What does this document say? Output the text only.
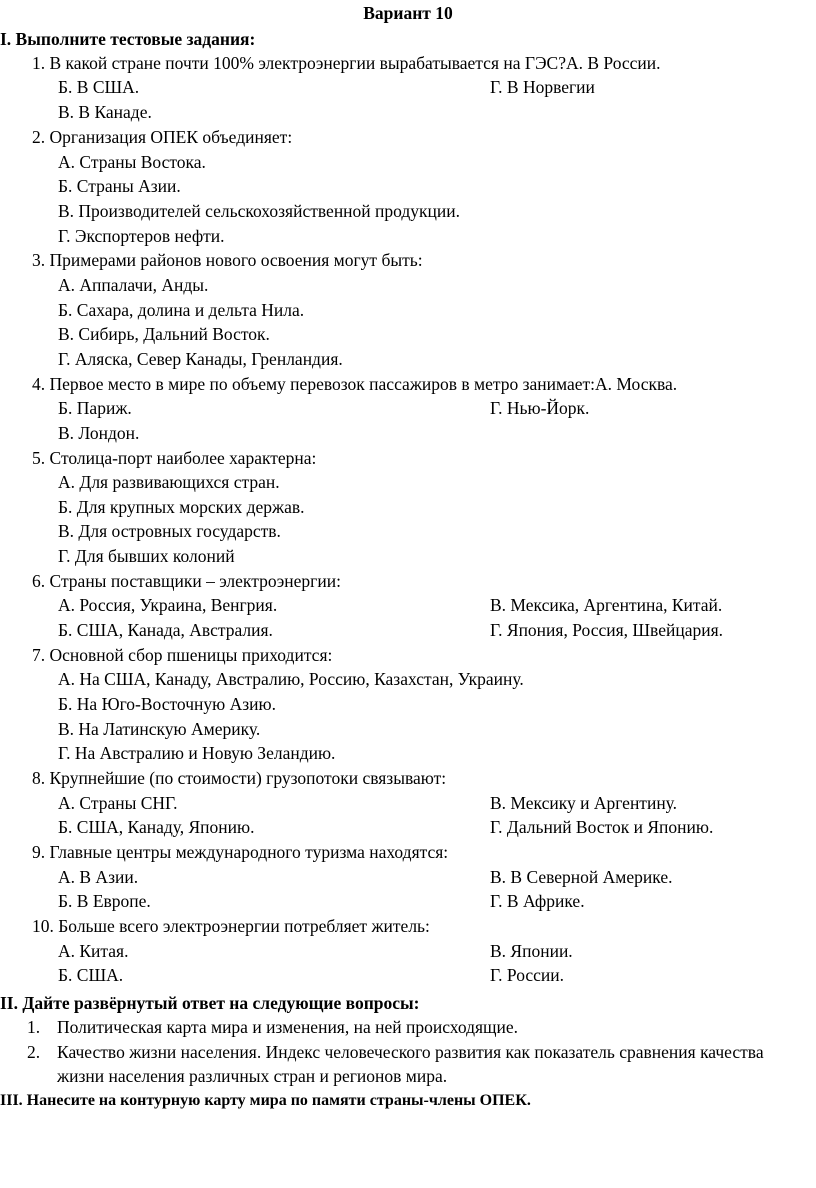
Вариант 10
I. Выполните тестовые задания:
1. В какой стране почти 100% электроэнергии вырабатывается на ГЭС?А. В России.
Б. В США.	Г. В Норвегии
В. В Канаде.
2. Организация ОПЕК объединяет:
А. Страны Востока.
Б. Страны Азии.
В. Производителей сельскохозяйственной продукции.
Г. Экспортеров нефти.
3. Примерами районов нового освоения могут быть:
А. Аппалачи, Анды.
Б. Сахара, долина и дельта Нила.
В. Сибирь, Дальний Восток.
Г. Аляска, Север Канады, Гренландия.
4. Первое место в мире по объему перевозок пассажиров в метро занимает:А. Москва.
Б. Париж.	Г. Нью-Йорк.
В. Лондон.
5. Столица-порт наиболее характерна:
А. Для развивающихся стран.
Б. Для крупных морских держав.
В. Для островных государств.
Г. Для бывших колоний
6. Страны поставщики – электроэнергии:
А. Россия, Украина, Венгрия.	В. Мексика, Аргентина, Китай.
Б. США, Канада, Австралия.	Г. Япония, Россия, Швейцария.
7. Основной сбор пшеницы приходится:
А. На США, Канаду, Австралию, Россию, Казахстан, Украину.
Б. На Юго-Восточную Азию.
В. На Латинскую Америку.
Г. На Австралию и Новую Зеландию.
8. Крупнейшие (по стоимости) грузопотоки связывают:
А. Страны СНГ.	В. Мексику и Аргентину.
Б. США, Канаду, Японию.	Г. Дальний Восток и Японию.
9. Главные центры международного туризма находятся:
А. В Азии.	В. В Северной Америке.
Б. В Европе.	Г. В Африке.
10. Больше всего электроэнергии потребляет житель:
А. Китая.	В. Японии.
Б. США.	Г. России.
II. Дайте развёрнутый ответ на следующие вопросы:
1. Политическая карта мира и изменения, на ней происходящие.
2. Качество жизни населения. Индекс человеческого развития как показатель сравнения качества
жизни населения различных стран и регионов мира.
III. Нанесите на контурную карту мира по памяти страны-члены ОПЕК.
